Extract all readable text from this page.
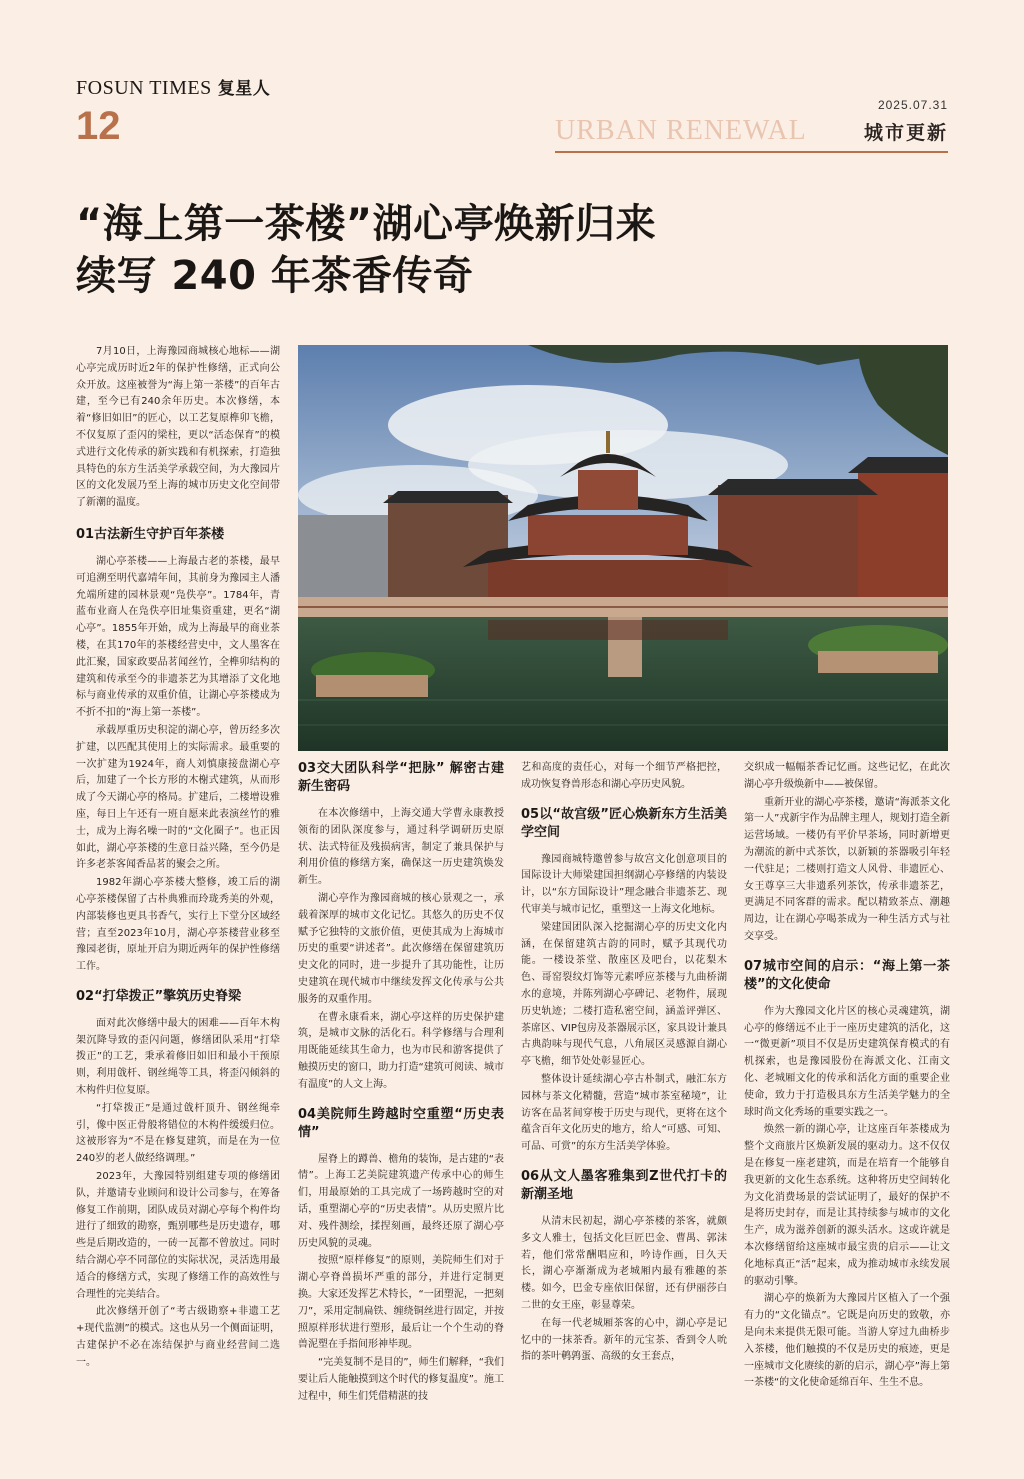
FOSUN TIMES 复星人
12	2025.07.31
URBAN RENEWAL	城市更新
“海上第一茶楼”湖心亭焕新归来
续写 240 年茶香传奇

7月10日，上海豫园商城核心地标——湖心亭完成历时近2年的保护性修缮，正式向公众开放。这座被誉为“海上第一茶楼”的百年古建，至今已有240余年历史。本次修缮，本着“修旧如旧”的匠心，以工艺复原榫卯飞檐，不仅复原了歪闪的梁柱，更以“活态保育”的模式进行文化传承的新实践和有机探索，打造独具特色的东方生活美学承载空间，为大豫园片区的文化发展乃至上海的城市历史文化空间带了新潮的温度。

01古法新生守护百年茶楼

湖心亭茶楼——上海最古老的茶楼，最早可追溯至明代嘉靖年间，其前身为豫园主人潘允端所建的园林景观“凫佚亭”。1784年，青蓝布业商人在凫佚亭旧址集资重建，更名“湖心亭”。1855年开始，成为上海最早的商业茶楼，在其170年的茶楼经营史中，文人墨客在此汇聚，国家政要品茗闻丝竹，全榫卯结构的建筑和传承至今的非遗茶艺为其增添了文化地标与商业传承的双重价值，让湖心亭茶楼成为不折不扣的“海上第一茶楼”。

承载厚重历史积淀的湖心亭，曾历经多次扩建，以匹配其使用上的实际需求。最重要的一次扩建为1924年，商人刘慎康接盘湖心亭后，加建了一个长方形的木榭式建筑，从而形成了今天湖心亭的格局。扩建后，二楼增设雅座，每日上午还有一班自愿来此表演丝竹的雅士，成为上海名噪一时的“文化圈子”。也正因如此，湖心亭茶楼的生意日益兴隆，至今仍是许多老茶客闻香品茗的聚会之所。

1982年湖心亭茶楼大整修，竣工后的湖心亭茶楼保留了古朴典雅而玲珑秀美的外观，内部装修也更具书香气，实行上下堂分区域经营；直至2023年10月，湖心亭茶楼营业移至豫园老街，原址开启为期近两年的保护性修缮工作。

02“打牮拨正”擎筑历史脊梁

面对此次修缮中最大的困难——百年木构架沉降导致的歪闪问题，修缮团队采用“打牮拨正”的工艺，秉承着修旧如旧和最小干预原则，利用戗杆、钢丝绳等工具，将歪闪倾斜的木构件归位复原。

“打牮拨正”是通过戗杆顶升、钢丝绳牵引，像中医正骨般将错位的木构件缓缓归位。这被形容为“不是在修复建筑，而是在为一位240岁的老人做经络调理。”

2023年，大豫园特别组建专项的修缮团队，并邀请专业顾问和设计公司参与，在筹备修复工作前期，团队成员对湖心亭每个构件均进行了细致的勘察，甄别哪些是历史遗存，哪些是后期改造的，一砖一瓦都不曾放过。同时结合湖心亭不同部位的实际状况，灵活选用最适合的修缮方式，实现了修缮工作的高效性与合理性的完美结合。

此次修缮开创了“考古级勘察+非遗工艺+现代监测”的模式。这也从另一个侧面证明，古建保护不必在冻结保护与商业经营间二选一。

03交大团队科学“把脉” 解密古建新生密码

在本次修缮中，上海交通大学曹永康教授领衔的团队深度参与，通过科学调研历史原状、法式特征及残损病害，制定了兼具保护与利用价值的修缮方案，确保这一历史建筑焕发新生。

湖心亭作为豫园商城的核心景观之一，承载着深厚的城市文化记忆。其悠久的历史不仅赋予它独特的文旅价值，更使其成为上海城市历史的重要“讲述者”。此次修缮在保留建筑历史文化的同时，进一步提升了其功能性，让历史建筑在现代城市中继续发挥文化传承与公共服务的双重作用。

在曹永康看来，湖心亭这样的历史保护建筑，是城市文脉的活化石。科学修缮与合理利用既能延续其生命力，也为市民和游客提供了触摸历史的窗口，助力打造“建筑可阅读、城市有温度”的人文上海。

04美院师生跨越时空重塑“历史表情”

屋脊上的蹲兽、檐角的装饰，是古建的“表情”。上海工艺美院建筑遗产传承中心的师生们，用最原始的工具完成了一场跨越时空的对话，重塑湖心亭的“历史表情”。从历史照片比对、残件测绘，揉捏刻画，最终还原了湖心亭历史风貌的灵魂。

按照“原样修复”的原则，美院师生们对于湖心亭脊兽损坏严重的部分，并进行定制更换。大家还发挥艺术特长，“一团塑泥，一把刻刀”，采用定制扁铁、缠绕铜丝进行固定，并按照原样形状进行塑形，最后让一个个生动的脊兽泥塑在手指间形神毕现。

“完美复制不是目的”，师生们解释，“我们要让后人能触摸到这个时代的修复温度”。施工过程中，师生们凭借精湛的技

艺和高度的责任心，对每一个细节严格把控，成功恢复脊兽形态和湖心亭历史风貌。

05以“故宫级”匠心焕新东方生活美学空间

豫园商城特邀曾参与故宫文化创意项目的国际设计大师梁建国担纲湖心亭修缮的内装设计，以“东方国际设计”理念融合非遗茶艺、现代审美与城市记忆，重塑这一上海文化地标。

梁建国团队深入挖掘湖心亭的历史文化内涵，在保留建筑古韵的同时，赋予其现代功能。一楼设茶堂、散座区及吧台，以花梨木色、哥窑裂纹灯饰等元素呼应茶楼与九曲桥湖水的意境，并陈列湖心亭碑记、老物件，展现历史轨迹；二楼打造私密空间，涵盖评弹区、茶席区、VIP包房及茶器展示区，家具设计兼具古典韵味与现代气息，八角展区灵感源自湖心亭飞檐，细节处处彰显匠心。

整体设计延续湖心亭古朴制式，融汇东方园林与茶文化精髓，营造“城市茶室秘境”，让访客在品茗间穿梭于历史与现代，更将在这个蕴含百年文化历史的地方，给人“可感、可知、可品、可赏”的东方生活美学体验。

06从文人墨客雅集到Z世代打卡的新潮圣地

从清末民初起，湖心亭茶楼的茶客，就颇多文人雅士，包括文化巨匠巴金、曹禺、郭沫若，他们常常酬唱应和，吟诗作画，日久天长，湖心亭渐渐成为老城厢内最有雅趣的茶楼。如今，巴金专座依旧保留，还有伊丽莎白二世的女王座，彰显尊荣。

在每一代老城厢茶客的心中，湖心亭是记忆中的一抹茶香。新年的元宝茶、香到令人吮指的茶叶鹌鹑蛋、高级的女王套点，

交织成一幅幅茶香记忆画。这些记忆，在此次湖心亭升级焕新中——被保留。

重新开业的湖心亭茶楼，邀请“海派茶文化第一人”戎新宇作为品牌主理人，规划打造全新运营场域。一楼仍有平价早茶场，同时新增更为潮流的新中式茶饮，以新颖的茶器吸引年轻一代驻足；二楼则打造文人风骨、非遗匠心、女王尊享三大非遗系列茶饮，传承非遗茶艺，更满足不同客群的需求。配以精致茶点、潮趣周边，让在湖心亭喝茶成为一种生活方式与社交享受。

07城市空间的启示：“海上第一茶楼”的文化使命

作为大豫园文化片区的核心灵魂建筑，湖心亭的修缮远不止于一座历史建筑的活化，这一“微更新”项目不仅是历史建筑保育模式的有机探索，也是豫园股份在海派文化、江南文化、老城厢文化的传承和活化方面的重要企业使命，致力于打造极具东方生活美学魅力的全球时尚文化秀场的重要实践之一。

焕然一新的湖心亭，让这座百年茶楼成为整个文商旅片区焕新发展的驱动力。这不仅仅是在修复一座老建筑，而是在培育一个能够自我更新的文化生态系统。这种将历史空间转化为文化消费场景的尝试证明了，最好的保护不是将历史封存，而是让其持续参与城市的文化生产，成为滋养创新的源头活水。这或许就是本次修缮留给这座城市最宝贵的启示——让文化地标真正“活”起来，成为推动城市永续发展的驱动引擎。

湖心亭的焕新为大豫园片区植入了一个强有力的“文化锚点”。它既是向历史的致敬，亦是向未来提供无限可能。当游人穿过九曲桥步入茶楼，他们触摸的不仅是历史的痕迹，更是一座城市文化赓续的新的启示，湖心亭”海上第一茶楼“的文化使命延绵百年、生生不息。
